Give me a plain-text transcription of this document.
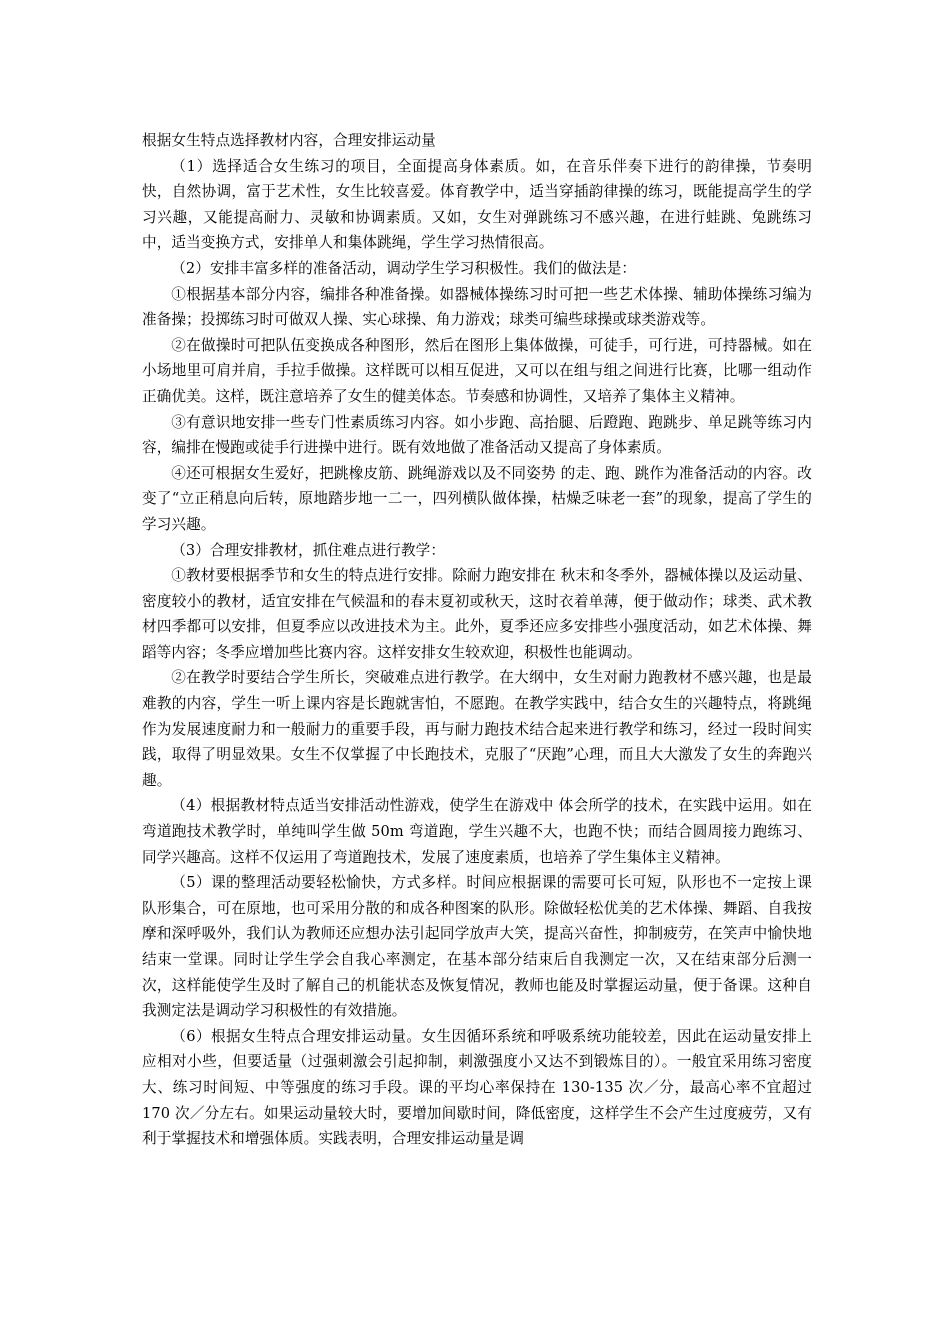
根据女生特点选择教材内容，合理安排运动量

（1）选择适合女生练习的项目，全面提高身体素质。如，在音乐伴奏下进行的韵律操，节奏明快，自然协调，富于艺术性，女生比较喜爱。体育教学中，适当穿插韵律操的练习，既能提高学生的学习兴趣，又能提高耐力、灵敏和协调素质。又如，女生对弹跳练习不感兴趣，在进行蛙跳、兔跳练习中，适当变换方式，安排单人和集体跳绳，学生学习热情很高。

（2）安排丰富多样的准备活动，调动学生学习积极性。我们的做法是：

①根据基本部分内容，编排各种准备操。如器械体操练习时可把一些艺术体操、辅助体操练习编为准备操；投掷练习时可做双人操、实心球操、角力游戏；球类可编些球操或球类游戏等。

②在做操时可把队伍变换成各种图形，然后在图形上集体做操，可徒手，可行进，可持器械。如在小场地里可肩并肩，手拉手做操。这样既可以相互促进，又可以在组与组之间进行比赛，比哪一组动作正确优美。这样，既注意培养了女生的健美体态。节奏感和协调性，又培养了集体主义精神。

③有意识地安排一些专门性素质练习内容。如小步跑、高抬腿、后蹬跑、跑跳步、单足跳等练习内容，编排在慢跑或徒手行进操中进行。既有效地做了准备活动又提高了身体素质。

④还可根据女生爱好，把跳橡皮筋、跳绳游戏以及不同姿势 的走、跑、跳作为准备活动的内容。改变了“立正稍息向后转，原地踏步地一二一，四列横队做体操，枯燥乏味老一套”的现象，提高了学生的学习兴趣。

（3）合理安排教材，抓住难点进行教学：

①教材要根据季节和女生的特点进行安排。除耐力跑安排在 秋末和冬季外，器械体操以及运动量、密度较小的教材，适宜安排在气候温和的春末夏初或秋天，这时衣着单薄，便于做动作；球类、武术教材四季都可以安排，但夏季应以改进技术为主。此外，夏季还应多安排些小强度活动，如艺术体操、舞蹈等内容；冬季应增加些比赛内容。这样安排女生较欢迎，积极性也能调动。

②在教学时要结合学生所长，突破难点进行教学。在大纲中，女生对耐力跑教材不感兴趣，也是最难教的内容，学生一听上课内容是长跑就害怕，不愿跑。在教学实践中，结合女生的兴趣特点，将跳绳作为发展速度耐力和一般耐力的重要手段，再与耐力跑技术结合起来进行教学和练习，经过一段时间实践，取得了明显效果。女生不仅掌握了中长跑技术，克服了“厌跑”心理，而且大大激发了女生的奔跑兴趣。

（4）根据教材特点适当安排活动性游戏，使学生在游戏中 体会所学的技术，在实践中运用。如在弯道跑技术教学时，单纯叫学生做 50m 弯道跑，学生兴趣不大，也跑不快；而结合圆周接力跑练习、同学兴趣高。这样不仅运用了弯道跑技术，发展了速度素质，也培养了学生集体主义精神。

（5）课的整理活动要轻松愉快，方式多样。时间应根据课的需要可长可短，队形也不一定按上课队形集合，可在原地，也可采用分散的和成各种图案的队形。除做轻松优美的艺术体操、舞蹈、自我按摩和深呼吸外，我们认为教师还应想办法引起同学放声大笑，提高兴奋性，抑制疲劳，在笑声中愉快地结束一堂课。同时让学生学会自我心率测定，在基本部分结束后自我测定一次，又在结束部分后测一次，这样能使学生及时了解自己的机能状态及恢复情况，教师也能及时掌握运动量，便于备课。这种自我测定法是调动学习积极性的有效措施。

（6）根据女生特点合理安排运动量。女生因循环系统和呼吸系统功能较差，因此在运动量安排上应相对小些，但要适量（过强刺激会引起抑制，刺激强度小又达不到锻炼目的）。一般宜采用练习密度大、练习时间短、中等强度的练习手段。课的平均心率保持在 130-135 次／分，最高心率不宜超过 170 次／分左右。如果运动量较大时，要增加间歇时间，降低密度，这样学生不会产生过度疲劳，又有利于掌握技术和增强体质。实践表明，合理安排运动量是调
